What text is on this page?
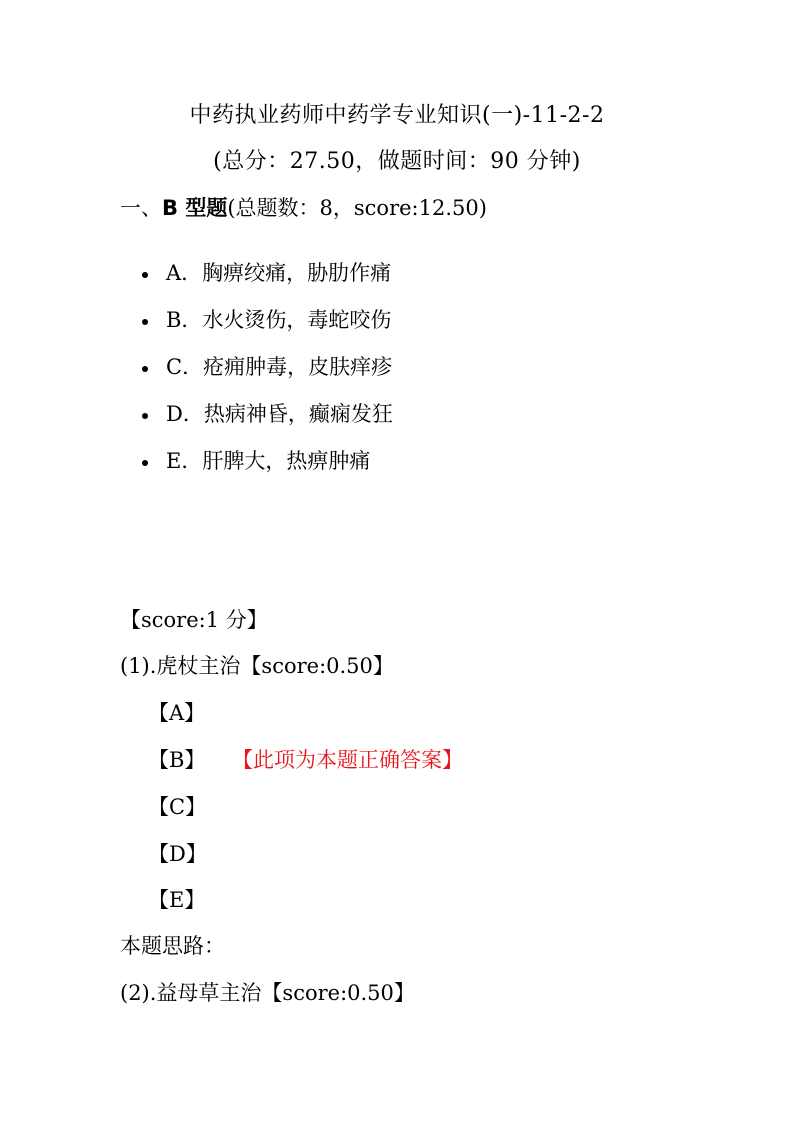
中药执业药师中药学专业知识(一)-11-2-2
(总分：27.50，做题时间：90 分钟)
一、B 型题(总题数：8，score:12.50)
A．胸痹绞痛，胁肋作痛
B．水火烫伤，毒蛇咬伤
C．疮痈肿毒，皮肤痒疹
D．热病神昏，癫痫发狂
E．肝脾大，热痹肿痛
【score:1 分】
(1).虎杖主治【score:0.50】
【A】
【B】 【此项为本题正确答案】
【C】
【D】
【E】
本题思路：
(2).益母草主治【score:0.50】
